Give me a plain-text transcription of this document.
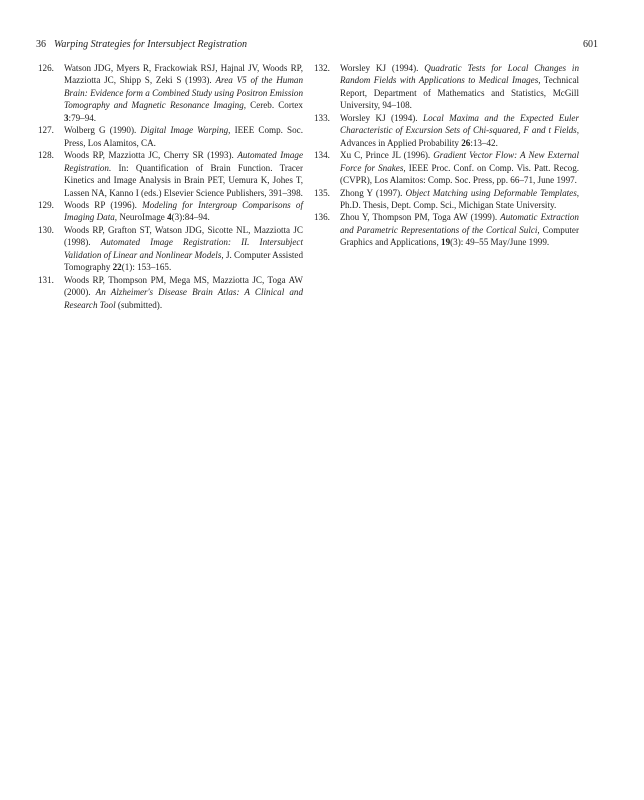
36 Warping Strategies for Intersubject Registration	601

126.	Watson JDG, Myers R, Frackowiak RSJ, Hajnal JV, Woods RP, Mazziotta JC, Shipp S, Zeki S (1993). Area V5 of the Human Brain: Evidence form a Combined Study using Positron Emission Tomography and Magnetic Resonance Imaging, Cereb. Cortex 3:79–94.

127.	Wolberg G (1990). Digital Image Warping, IEEE Comp. Soc. Press, Los Alamitos, CA.

128.	Woods RP, Mazziotta JC, Cherry SR (1993). Automated Image Registration. In: Quantification of Brain Function. Tracer Kinetics and Image Analysis in Brain PET, Uemura K, Johes T, Lassen NA, Kanno I (eds.) Elsevier Science Publishers, 391–398.

129.	Woods RP (1996). Modeling for Intergroup Comparisons of Imaging Data, NeuroImage 4(3):84–94.

130.	Woods RP, Grafton ST, Watson JDG, Sicotte NL, Mazziotta JC (1998). Automated Image Registration: II. Intersubject Validation of Linear and Nonlinear Models, J. Computer Assisted Tomography 22(1): 153–165.

131.	Woods RP, Thompson PM, Mega MS, Mazziotta JC, Toga AW (2000). An Alzheimer's Disease Brain Atlas: A Clinical and Research Tool (submitted).

132.	Worsley KJ (1994). Quadratic Tests for Local Changes in Random Fields with Applications to Medical Images, Technical Report, Department of Mathematics and Statistics, McGill University, 94–108.

133.	Worsley KJ (1994). Local Maxima and the Expected Euler Characteristic of Excursion Sets of Chi-squared, F and t Fields, Advances in Applied Probability 26:13–42.

134.	Xu C, Prince JL (1996). Gradient Vector Flow: A New External Force for Snakes, IEEE Proc. Conf. on Comp. Vis. Patt. Recog. (CVPR), Los Alamitos: Comp. Soc. Press, pp. 66–71, June 1997.

135.	Zhong Y (1997). Object Matching using Deformable Templates, Ph.D. Thesis, Dept. Comp. Sci., Michigan State University.

136.	Zhou Y, Thompson PM, Toga AW (1999). Automatic Extraction and Parametric Representations of the Cortical Sulci, Computer Graphics and Applications, 19(3): 49–55 May/June 1999.
